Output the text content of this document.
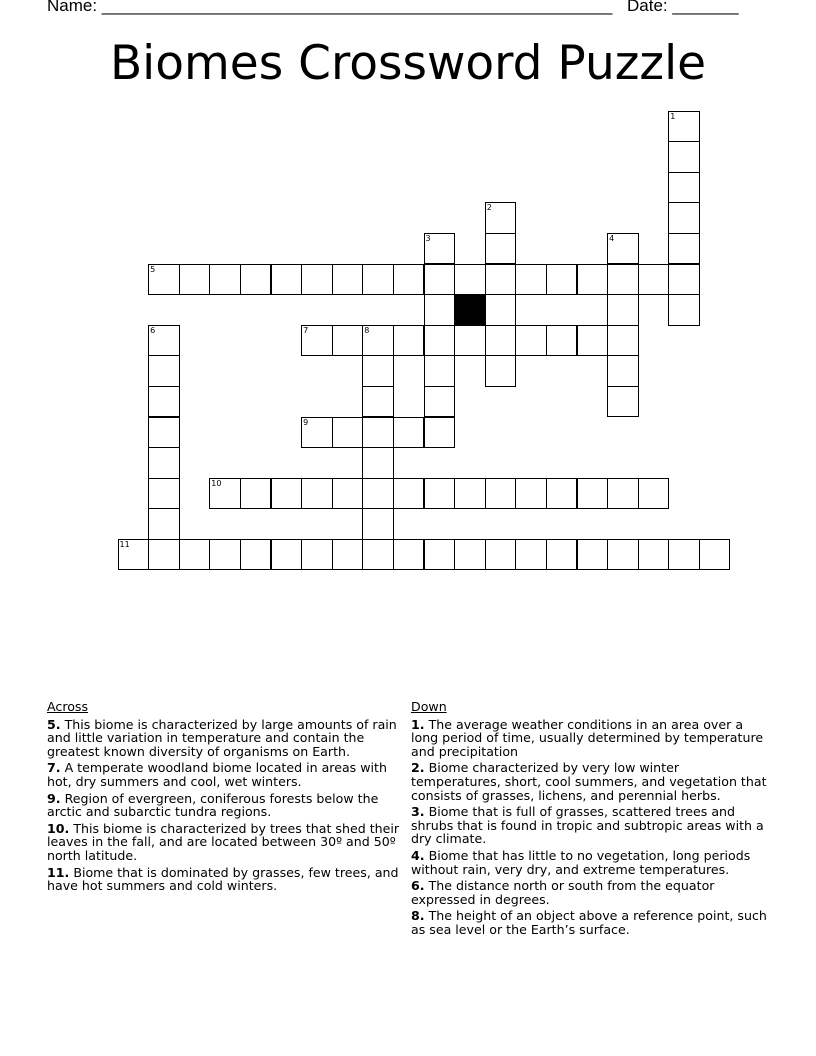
Name: ______________________________________________________ Date: _______
Biomes Crossword Puzzle
1
2
3	4
5
6	7	8
9
10
11
Across
5. This biome is characterized by large amounts of rain and little variation in temperature and contain the greatest known diversity of organisms on Earth.
7. A temperate woodland biome located in areas with hot, dry summers and cool, wet winters.
9. Region of evergreen, coniferous forests below the arctic and subarctic tundra regions.
10. This biome is characterized by trees that shed their leaves in the fall, and are located between 30º and 50º north latitude.
11. Biome that is dominated by grasses, few trees, and have hot summers and cold winters.
Down
1. The average weather conditions in an area over a long period of time, usually determined by temperature and precipitation
2. Biome characterized by very low winter temperatures, short, cool summers, and vegetation that consists of grasses, lichens, and perennial herbs.
3. Biome that is full of grasses, scattered trees and shrubs that is found in tropic and subtropic areas with a dry climate.
4. Biome that has little to no vegetation, long periods without rain, very dry, and extreme temperatures.
6. The distance north or south from the equator expressed in degrees.
8. The height of an object above a reference point, such as sea level or the Earth’s surface.
